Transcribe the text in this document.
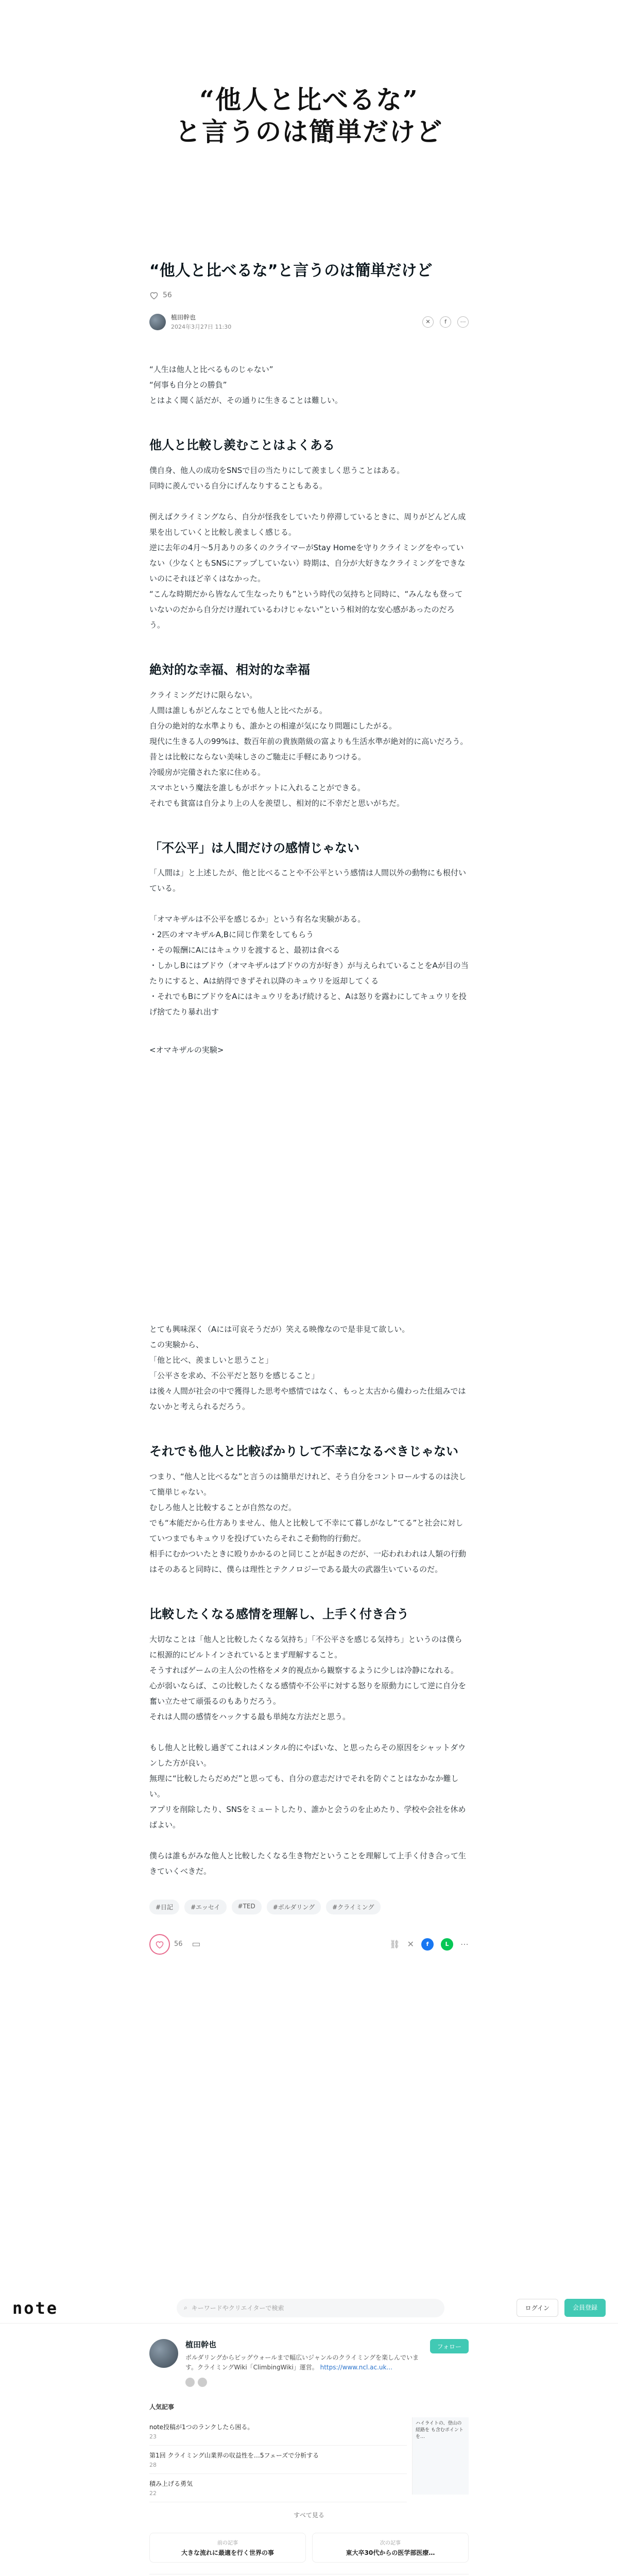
“他人と比べるな”
と言うのは簡単だけど
“他人と比べるな”と言うのは簡単だけど
56
植田幹也
2024年3月27日 11:30
✕	f	⋯

“人生は他人と比べるものじゃない”

“何事も自分との勝負”

とはよく聞く話だが、その通りに生きることは難しい。

他人と比較し羨むことはよくある

僕自身、他人の成功をSNSで目の当たりにして羨ましく思うことはある。

同時に羨んでいる自分にげんなりすることもある。

例えばクライミングなら、自分が怪我をしていたり停滞しているときに、周りがどんどん成果を出していくと比較し羨ましく感じる。

逆に去年の4月〜5月ありの多くのクライマーがStay Homeを守りクライミングをやっていない（少なくともSNSにアップしていない）時期は、自分が大好きなクライミングをできないのにそれほど辛くはなかった。

“こんな時期だから皆なんて生なったりも”という時代の気持ちと同時に、“みんなも登っていないのだから自分だけ遅れているわけじゃない”という相対的な安心感があったのだろう。

絶対的な幸福、相対的な幸福

クライミングだけに限らない。

人間は誰しもがどんなことでも他人と比べたがる。

自分の絶対的な水準よりも、誰かとの相違が気になり問題にしたがる。

現代に生きる人の99%は、数百年前の貴族階級の富よりも生活水準が絶対的に高いだろう。

昔とは比較にならない美味しさのご馳走に手軽にありつける。

冷暖房が完備された家に住める。

スマホという魔法を誰しもがポケットに入れることができる。

それでも貧富は自分より上の人を羨望し、相対的に不幸だと思いがちだ。

「不公平」は人間だけの感情じゃない

「人間は」と上述したが、他と比べることや不公平という感情は人間以外の動物にも根付いている。

「オマキザルは不公平を感じるか」という有名な実験がある。

・2匹のオマキザルA,Bに同じ作業をしてもらう

・その報酬にAにはキュウリを渡すると、最初は食べる

・しかしBにはブドウ（オマキザルはブドウの方が好き）が与えられていることをAが目の当たりにすると、Aは納得できずそれ以降のキュウリを返却してくる

・それでもBにブドウをAにはキュウリをあげ続けると、Aは怒りを露わにしてキュウリを投げ捨てたり暴れ出す

<オマキザルの実験>

とても興味深く（Aには可哀そうだが）笑える映像なので是非見て欲しい。

この実験から、

「他と比べ、羨ましいと思うこと」

「公平さを求め、不公平だと怒りを感じること」

は後々人間が社会の中で獲得した思考や感情ではなく、もっと太古から備わった仕組みではないかと考えられるだろう。

それでも他人と比較ばかりして不幸になるべきじゃない

つまり、“他人と比べるな”と言うのは簡単だけれど、そう自分をコントロールするのは決して簡単じゃない。

むしろ他人と比較することが自然なのだ。

でも“本能だから仕方ありません、他人と比較して不幸にて暮しがなし”てる”と社会に対していつまでもキュウリを投げていたらそれこそ動物的行動だ。

相手にむかついたときに殴りかかるのと同じことが起きのだが、一応われわれは人類の行動はそのあると同時に、僕らは理性とテクノロジーである最大の武器生いているのだ。

比較したくなる感情を理解し、上手く付き合う

大切なことは「他人と比較したくなる気持ち」「不公平さを感じる気持ち」というのは僕らに根源的にビルトインされているとまず理解すること。

そうすればゲームの主人公の性格をメタ的視点から観察するように少しは冷静になれる。

心が弱いならば、この比較したくなる感情や不公平に対する怒りを原動力にして逆に自分を奮い立たせて頑張るのもありだろう。

それは人間の感情をハックする最も単純な方法だと思う。

もし他人と比較し過ぎてこれはメンタル的にやばいな、と思ったらその原因をシャットダウンした方が良い。

無理に“比較したらだめだ”と思っても、自分の意志だけでそれを防ぐことはなかなか難しい。

アプリを削除したり、SNSをミュートしたり、誰かと会うのを止めたり、学校や会社を休めばよい。

僕らは誰もがみな他人と比較したくなる生き物だということを理解して上手く付き合って生きていくべきだ。

#日記	#エッセイ	#TED	#ボルダリング	#クライミング
56 ▭	⛓ ✕	f	L	⋯
note	⌕ キーワードやクリエイターで検索	ログイン	会員登録
植田幹也
ボルダリングからビッグウォールまで幅広いジャンルのクライミングを楽しんでいます。クライミングWiki「ClimbingWiki」運営。 https://www.ncl.ac.uk...
フォロー
人気記事
note投稿が1つのランクしたら困る。
23
第1回 クライミング山業界の収益性を…5フェーズで分析する
28
積み上げる勇気
22
ハイライトの、登山の経路を も含むポイントを…
すべて見る
前の記事
大きな流れに最適を行く世界の事
次の記事
東大卒30代からの医学部医療…
